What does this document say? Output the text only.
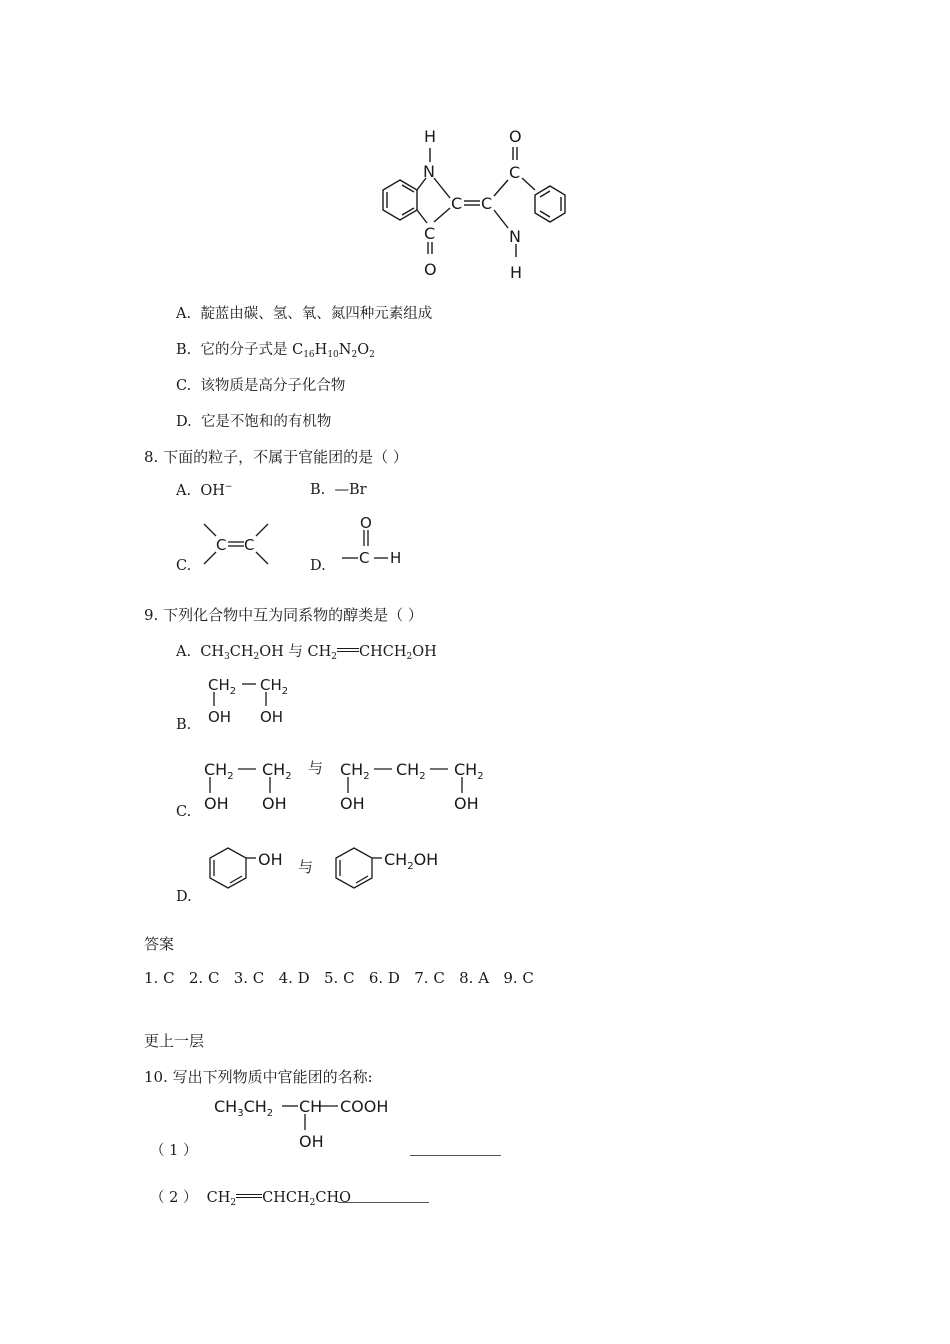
H
N
O
C
C C
C
O
N
H
A. 靛蓝由碳、氢、氧、氮四种元素组成
B. 它的分子式是 $C_{16}H_{10}N_2O_2$
C. 该物质是高分子化合物
D. 它是不饱和的有机物
8. 下面的粒子，不属于官能团的是（ ）
A. OH−	B. —Br
C.
C C
D.
O
C H
9. 下列化合物中互为同系物的醇类是（ ）
A. $CH_3CH_2OH$ 与 $CH_2$ $CHCH_2OH$
B.
$CH_2$ $CH_2$
OH OH
C.
$CH_2$ $CH_2$ 与 $CH_2$ $CH_2$ $CH_2$
OH OH	OH	OH
D.
OH 与	$CH_2OH$
答案
1. C   2. C   3. C   4. D   5. C   6. D   7. C   8. A   9. C
更上一层
10. 写出下列物质中官能团的名称:
（ 1 ）
$CH_3CH_2$ CH COOH
OH
（ 2 ） $CH_2$ $CHCH_2CHO$
